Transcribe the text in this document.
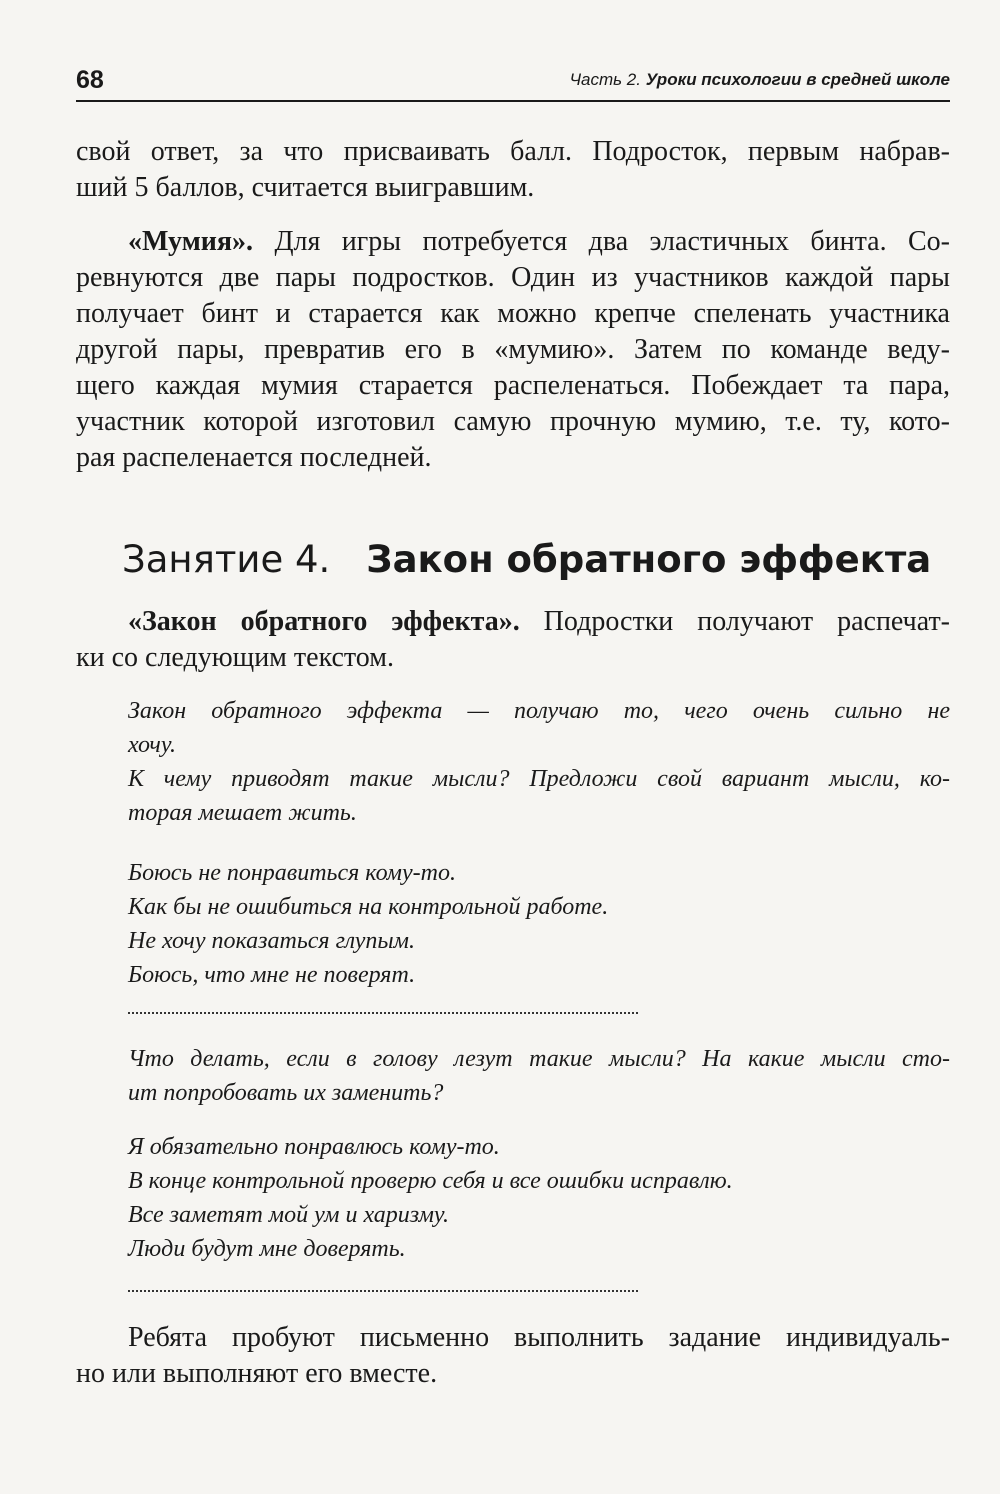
68	Часть 2. Уроки психологии в средней школе

свой ответ, за что присваивать балл. Подросток, первым набрав-
ший 5 баллов, считается выигравшим.

«Мумия». Для игры потребуется два эластичных бинта. Со-
ревнуются две пары подростков. Один из участников каждой пары
получает бинт и старается как можно крепче спеленать участника
другой пары, превратив его в «мумию». Затем по команде веду-
щего каждая мумия старается распеленаться. Побеждает та пара,
участник которой изготовил самую прочную мумию, т.е. ту, кото-
рая распеленается последней.

Занятие 4. Закон обратного эффекта

«Закон обратного эффекта». Подростки получают распечат-
ки со следующим текстом.

Закон обратного эффекта — получаю то, чего очень сильно не
хочу.
К чему приводят такие мысли? Предложи свой вариант мысли, ко-
торая мешает жить.
Боюсь не понравиться кому-то.
Как бы не ошибиться на контрольной работе.
Не хочу показаться глупым.
Боюсь, что мне не поверят.
Что делать, если в голову лезут такие мысли? На какие мысли сто-
ит попробовать их заменить?
Я обязательно понравлюсь кому-то.
В конце контрольной проверю себя и все ошибки исправлю.
Все заметят мой ум и харизму.
Люди будут мне доверять.

Ребята пробуют письменно выполнить задание индивидуаль-
но или выполняют его вместе.
